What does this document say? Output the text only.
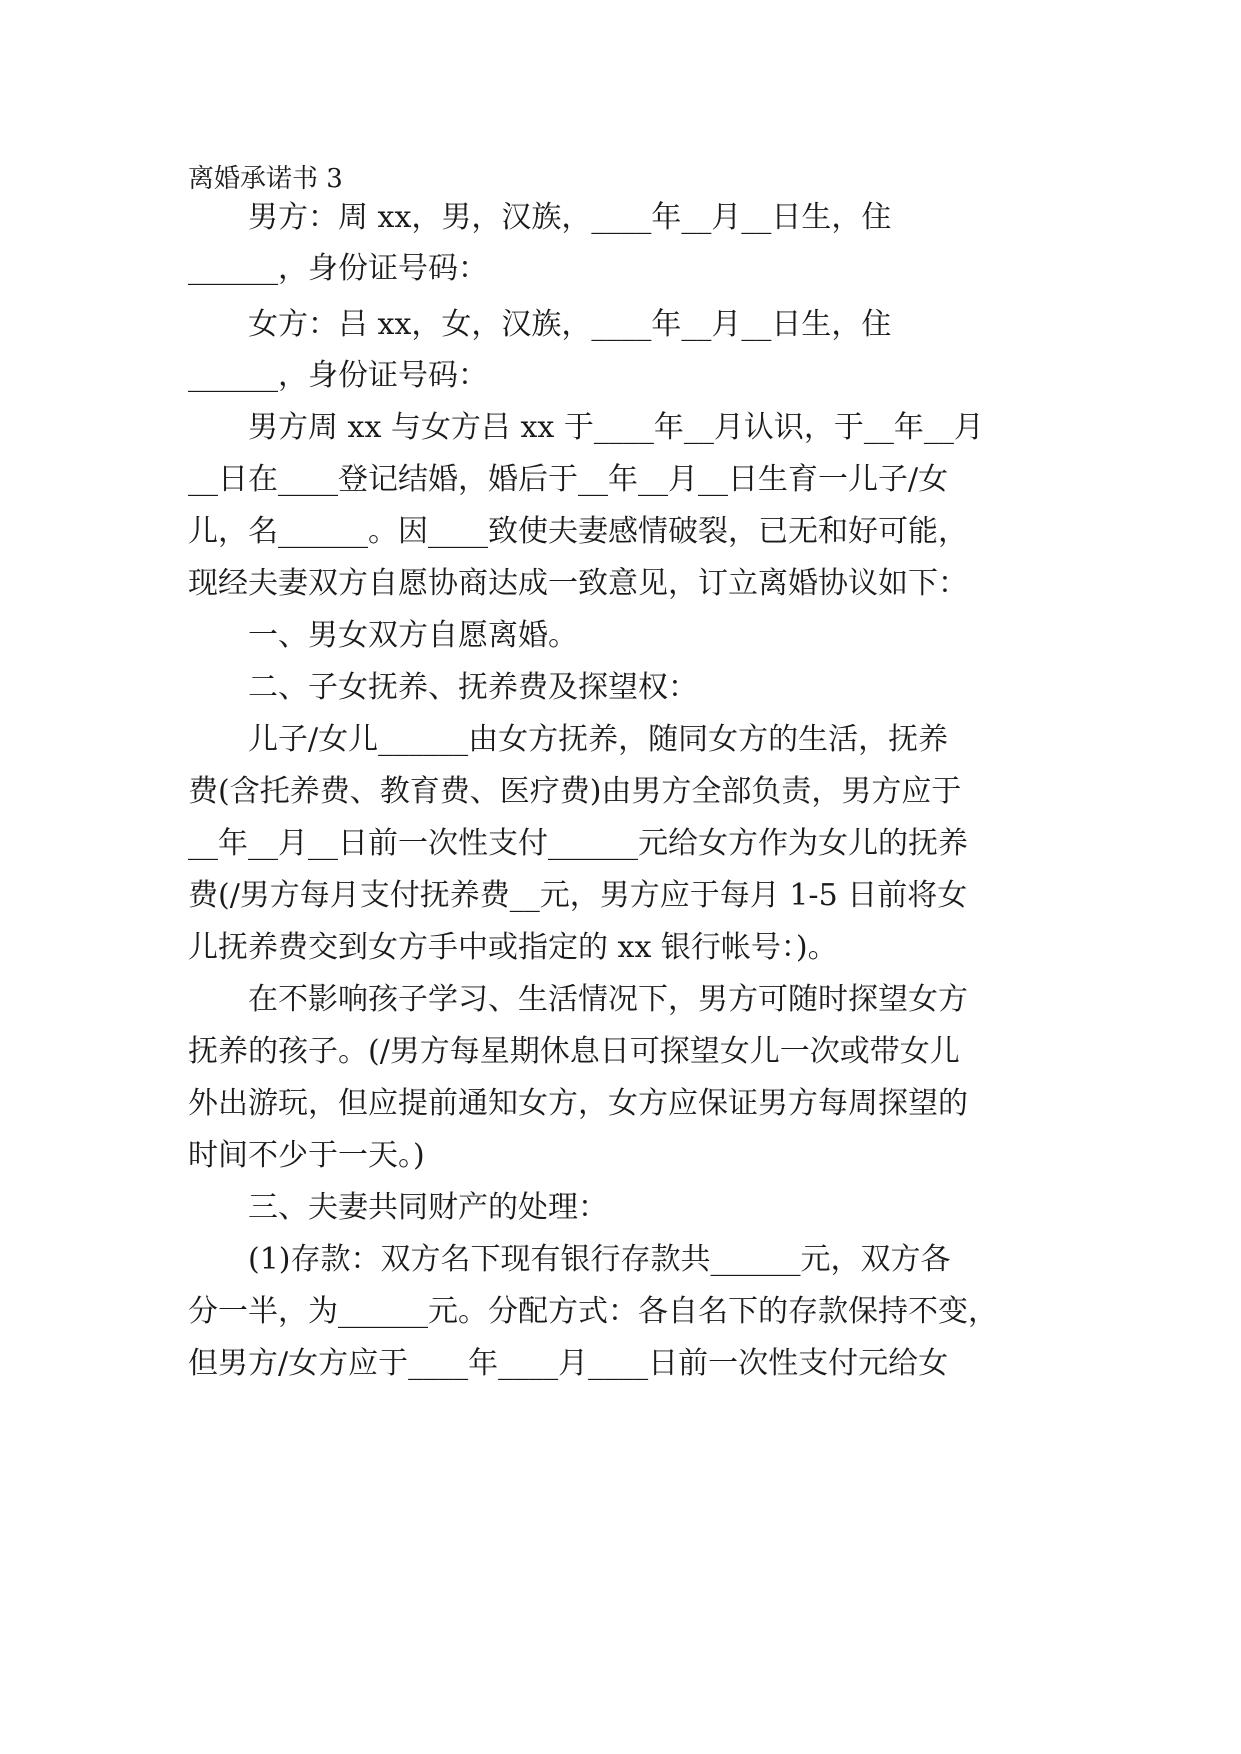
离婚承诺书 3
　　男方：周 xx，男，汉族，____年__月__日生，住
______，身份证号码：
　　女方：吕 xx，女，汉族，____年__月__日生，住
______，身份证号码：
　　男方周 xx 与女方吕 xx 于____年__月认识，于__年__月
__日在____登记结婚，婚后于__年__月__日生育一儿子/女
儿，名______。因____致使夫妻感情破裂，已无和好可能，
现经夫妻双方自愿协商达成一致意见，订立离婚协议如下：
　　一、男女双方自愿离婚。
　　二、子女抚养、抚养费及探望权：
　　儿子/女儿______由女方抚养，随同女方的生活，抚养
费(含托养费、教育费、医疗费)由男方全部负责，男方应于
__年__月__日前一次性支付______元给女方作为女儿的抚养
费(/男方每月支付抚养费__元，男方应于每月 1-5 日前将女
儿抚养费交到女方手中或指定的 xx 银行帐号：)。
　　在不影响孩子学习、生活情况下，男方可随时探望女方
抚养的孩子。(/男方每星期休息日可探望女儿一次或带女儿
外出游玩，但应提前通知女方，女方应保证男方每周探望的
时间不少于一天。)
　　三、夫妻共同财产的处理：
　　(1)存款：双方名下现有银行存款共______元，双方各
分一半，为______元。分配方式：各自名下的存款保持不变，
但男方/女方应于____年____月____日前一次性支付元给女
